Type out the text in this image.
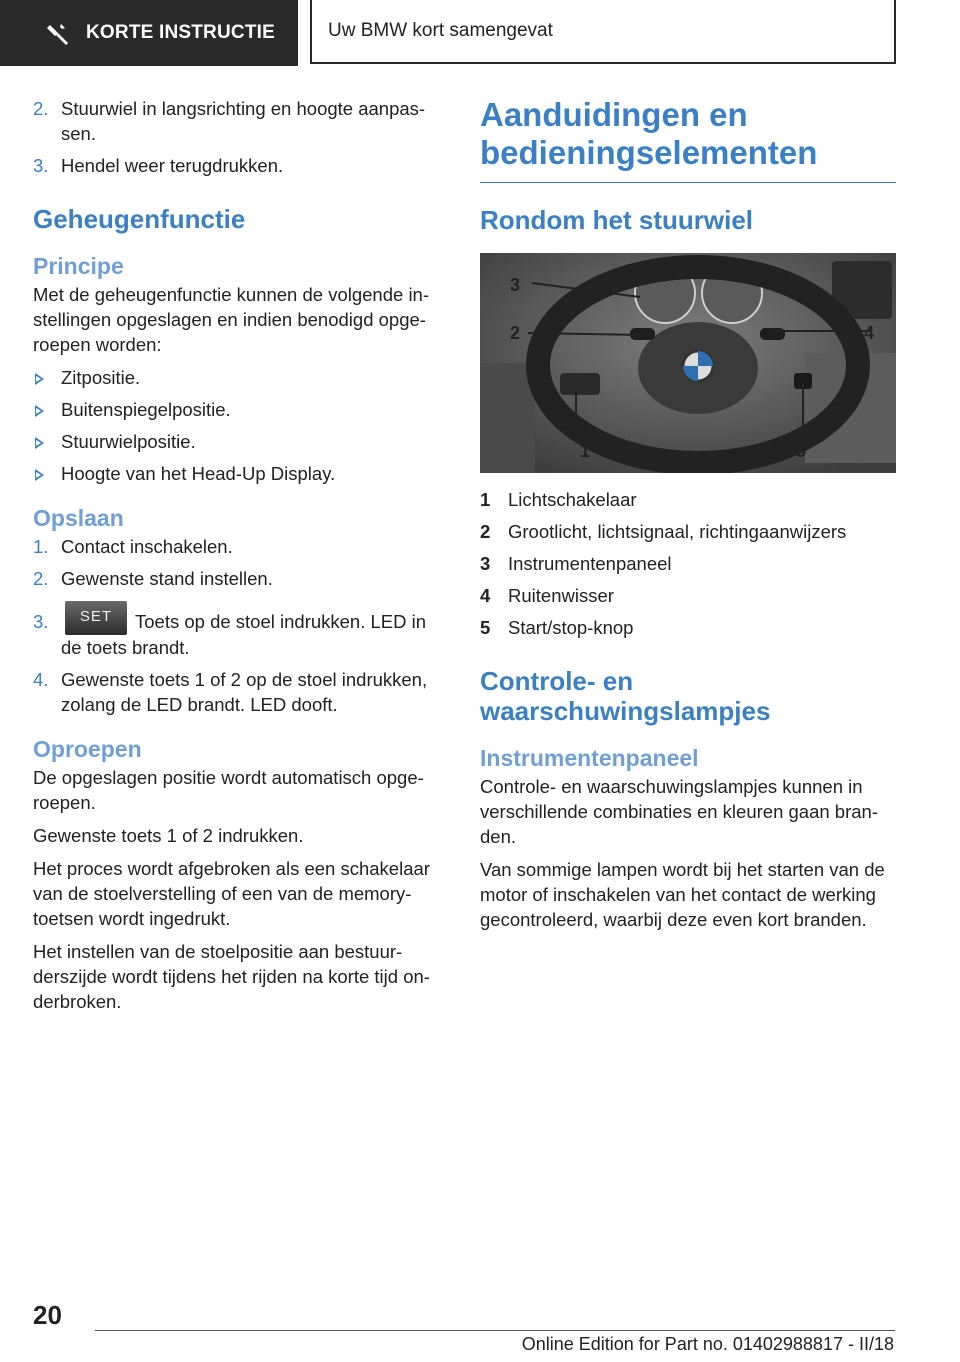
KORTE INSTRUCTIE	Uw BMW kort samengevat
2. Stuurwiel in langsrichting en hoogte aanpas-sen.
3. Hendel weer terugdrukken.
Geheugenfunctie
Principe

Met de geheugenfunctie kunnen de volgende in-stellingen opgeslagen en indien benodigd opge-roepen worden:

Zitpositie.
Buitenspiegelpositie.
Stuurwielpositie.
Hoogte van het Head-Up Display.
Opslaan
1. Contact inschakelen.
2. Gewenste stand instellen.
3. SET Toets op de stoel indrukken. LED in de toets brandt.
4. Gewenste toets 1 of 2 op de stoel indrukken, zolang de LED brandt. LED dooft.
Oproepen

De opgeslagen positie wordt automatisch opge-roepen.

Gewenste toets 1 of 2 indrukken.

Het proces wordt afgebroken als een schakelaar van de stoelverstelling of een van de memory-toetsen wordt ingedrukt.

Het instellen van de stoelpositie aan bestuur-derszijde wordt tijdens het rijden na korte tijd on-derbroken.

Aanduidingen en bedieningselementen
Rondom het stuurwiel
3
2
1
4
5
1 Lichtschakelaar
2 Grootlicht, lichtsignaal, richtingaanwijzers
3 Instrumentenpaneel
4 Ruitenwisser
5 Start/stop-knop
Controle- en waarschuwingslampjes
Instrumentenpaneel

Controle- en waarschuwingslampjes kunnen in verschillende combinaties en kleuren gaan bran-den.

Van sommige lampen wordt bij het starten van de motor of inschakelen van het contact de werking gecontroleerd, waarbij deze even kort branden.

20
Online Edition for Part no. 01402988817 - II/18
